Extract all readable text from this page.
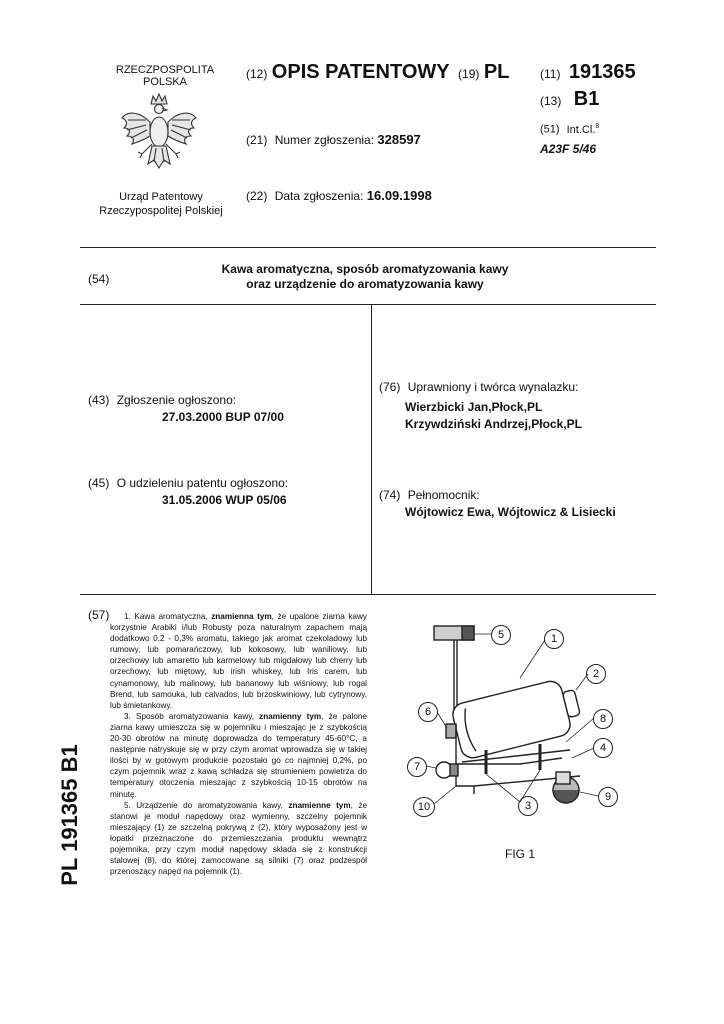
RZECZPOSPOLITA
POLSKA
Urząd Patentowy
Rzeczypospolitej Polskiej
(12) OPIS PATENTOWY (19) PL	(11) 191365
(13) B1
(21) Numer zgłoszenia: 328597
(51) Int.Cl.$^8$
A23F 5/46
(22) Data zgłoszenia: 16.09.1998
(54)
Kawa aromatyczna, sposób aromatyzowania kawy
oraz urządzenie do aromatyzowania kawy
(43) Zgłoszenie ogłoszono:
27.03.2000 BUP 07/00
(45) O udzieleniu patentu ogłoszono:
31.05.2006 WUP 05/06
(76) Uprawniony i twórca wynalazku:
Wierzbicki Jan,Płock,PL
Krzywdziński Andrzej,Płock,PL
(74) Pełnomocnik:
Wójtowicz Ewa, Wójtowicz & Lisiecki
(57)	1. Kawa aromatyczna, znamienna tym, że upalone ziarna kawy korzystnie Arabiki i/lub Robusty poza naturalnym zapachem mają dodatkowo 0,2 - 0,3% aromatu, takiego jak aromat czekoladowy lub rumowy, lub pomarańczowy, lub kokosowy, lub waniliowy, lub orzechowy lub amaretto lub karmelowy lub migdałowy lub cherry lub orzechowy, lub miętowy, lub irish whiskey, lub Iris carem, lub cynamonowy, lub malinowy, lub bananowy lub wiśniowy, lub rogal Brend, lub samouka, lub calvados, lub brzoskwiniowy, lub cytrynowy, lub śmietankowy.

3. Sposób aromatyzowania kawy, znamienny tym, że palone ziarna kawy umieszcza się w pojemniku i mieszając je z szybkością 20-30 obrotów na minutę doprowadza do temperatury 45-60°C, a następnie natryskuje się w przy czym aromat wprowadza się w takiej ilości by w gotowym produkcie pozostało go co najmniej 0,2%, po czym pojemnik wraz z kawą schładza się strumieniem powietrza do temperatury otoczenia mieszając z szybkością 10-15 obrotów na minutę.

5. Urządzenie do aromatyzowania kawy, znamienne tym, że stanowi je moduł napędowy oraz wymienny, szczelny pojemnik mieszający (1) ze szczelną pokrywą z (2), który wyposażony jest w łopatki przeznaczone do przemieszczania produktu wewnątrz pojemnika, przy czym moduł napędowy składa się z konstrukcji stalowej (8), do której zamocowane są silniki (7) oraz podzespół przenoszący napęd na pojemnik (1).

5	1
2
6
8
4
7
9
10	3
FIG 1
PL 191365 B1
